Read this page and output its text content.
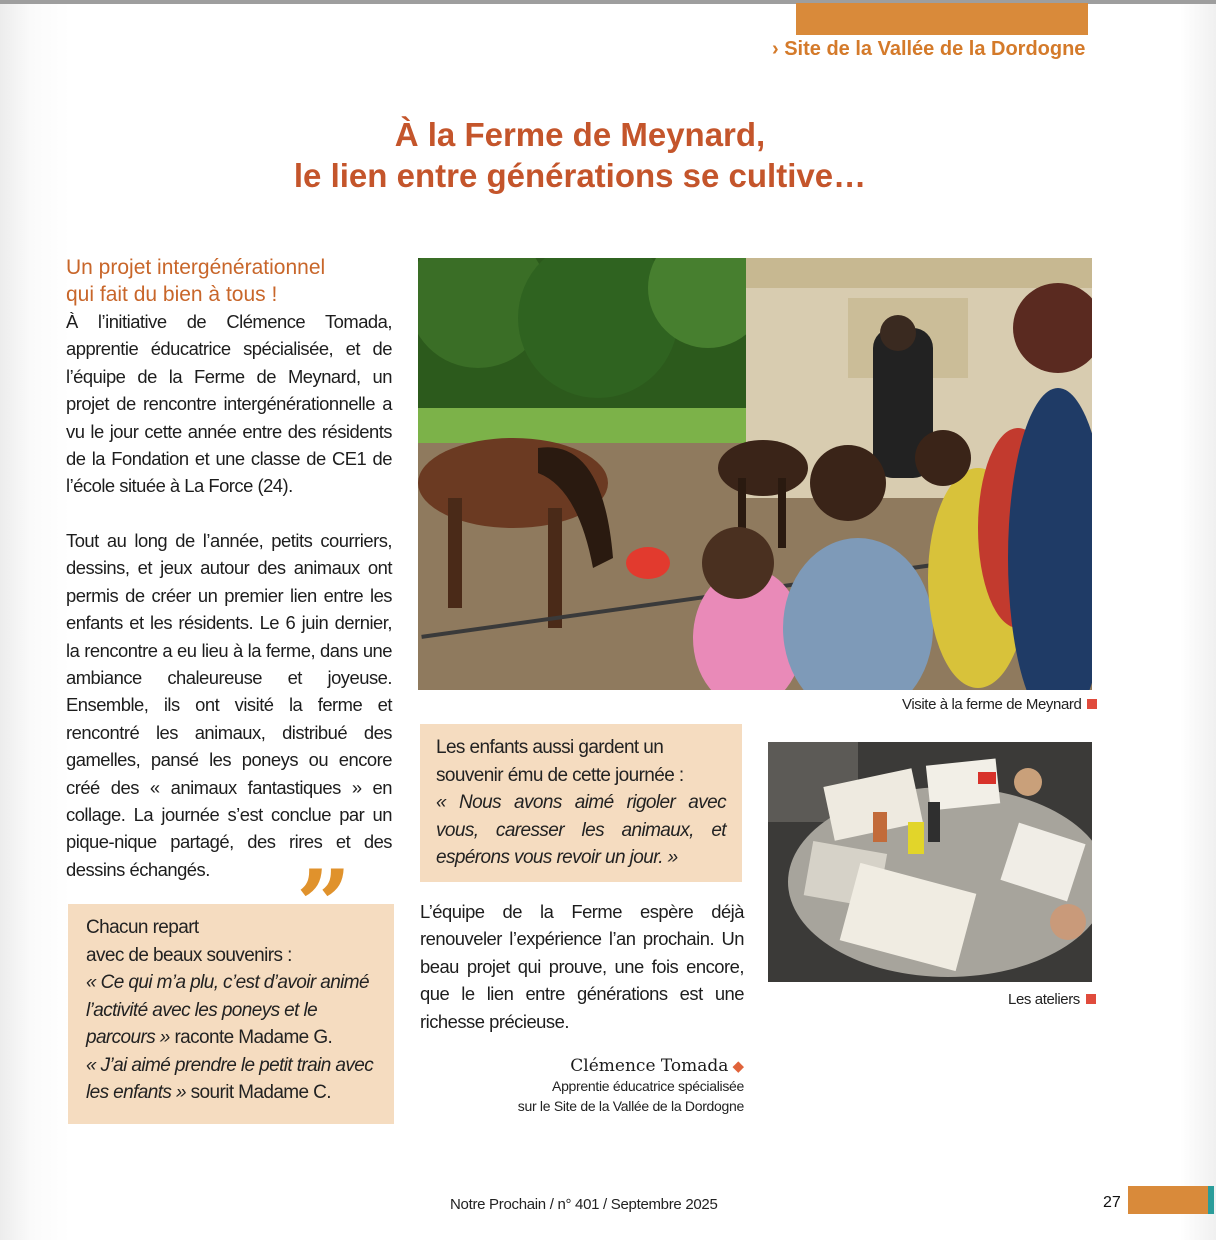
› Site de la Vallée de la Dordogne
À la Ferme de Meynard,
le lien entre générations se cultive…
Un projet intergénérationnel
qui fait du bien à tous !

À l’initiative de Clémence Tomada, apprentie éducatrice spécialisée, et de l’équipe de la Ferme de Meynard, un projet de rencontre intergénérationnelle a vu le jour cette année entre des résidents de la Fondation et une classe de CE1 de l’école située à La Force (24).

Tout au long de l’année, petits courriers, dessins, et jeux autour des animaux ont permis de créer un premier lien entre les enfants et les résidents. Le 6 juin dernier, la rencontre a eu lieu à la ferme, dans une ambiance chaleureuse et joyeuse. Ensemble, ils ont visité la ferme et rencontré les animaux, distribué des gamelles, pansé les poneys ou encore créé des « animaux fantastiques » en collage. La journée s’est conclue par un pique-nique partagé, des rires et des dessins échangés.

Chacun repart
avec de beaux souvenirs :
« Ce qui m’a plu, c’est d’avoir animé l’activité avec les poneys et le parcours » raconte Madame G.
« J’ai aimé prendre le petit train avec les enfants » sourit Madame C.
”
Visite à la ferme de Meynard
Les enfants aussi gardent un souvenir ému de cette journée :
« Nous avons aimé rigoler avec vous, caresser les animaux, et espérons vous revoir un jour. »

L’équipe de la Ferme espère déjà renouveler l’expérience l’an prochain. Un beau projet qui prouve, une fois encore, que le lien entre générations est une richesse précieuse.

Les ateliers
Clémence Tomada ◆
Apprentie éducatrice spécialisée
sur le Site de la Vallée de la Dordogne
Notre Prochain / n° 401 / Septembre 2025	27
